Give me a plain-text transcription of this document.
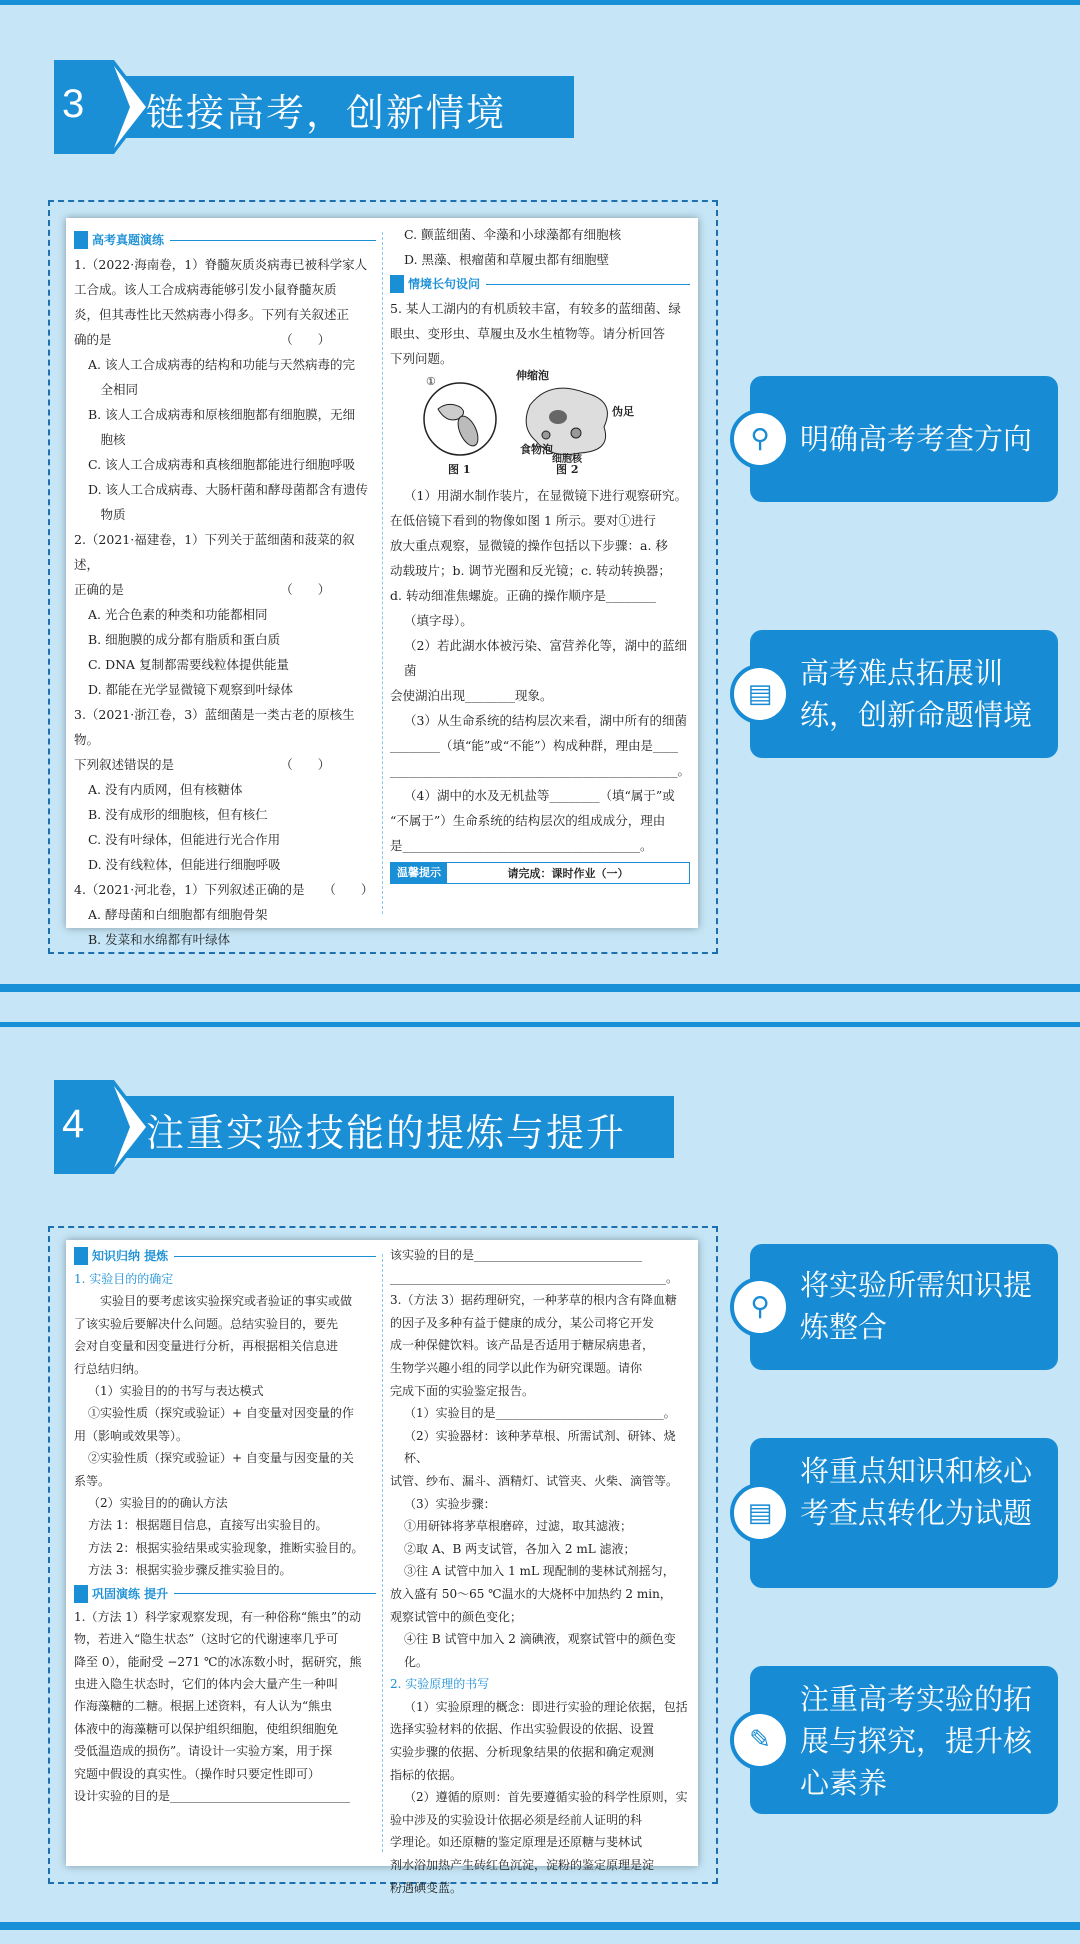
3 链接高考，创新情境
高考真题演练

1.（2022·海南卷，1）脊髓灰质炎病毒已被科学家人

工合成。该人工合成病毒能够引发小鼠脊髓灰质

炎，但其毒性比天然病毒小得多。下列有关叙述正

确的是　　　　　　　　　　　　　　（　　）

A. 该人工合成病毒的结构和功能与天然病毒的完

　全相同

B. 该人工合成病毒和原核细胞都有细胞膜，无细

　胞核

C. 该人工合成病毒和真核细胞都能进行细胞呼吸

D. 该人工合成病毒、大肠杆菌和酵母菌都含有遗传

　物质

2.（2021·福建卷，1）下列关于蓝细菌和菠菜的叙述，

正确的是　　　　　　　　　　　　　（　　）

A. 光合色素的种类和功能都相同

B. 细胞膜的成分都有脂质和蛋白质

C. DNA 复制都需要线粒体提供能量

D. 都能在光学显微镜下观察到叶绿体

3.（2021·浙江卷，3）蓝细菌是一类古老的原核生物。

下列叙述错误的是　　　　　　　　　（　　）

A. 没有内质网，但有核糖体

B. 没有成形的细胞核，但有核仁

C. 没有叶绿体，但能进行光合作用

D. 没有线粒体，但能进行细胞呼吸

4.（2021·河北卷，1）下列叙述正确的是　　（　　）

A. 酵母菌和白细胞都有细胞骨架

B. 发菜和水绵都有叶绿体

C. 颤蓝细菌、伞藻和小球藻都有细胞核

D. 黑藻、根瘤菌和草履虫都有细胞壁

情境长句设问

5. 某人工湖内的有机质较丰富，有较多的蓝细菌、绿

眼虫、变形虫、草履虫及水生植物等。请分析回答

下列问题。

①	伸缩泡
伪足
食物泡
细胞核
图 1	图 2

（1）用湖水制作装片，在显微镜下进行观察研究。

在低倍镜下看到的物像如图 1 所示。要对①进行

放大重点观察，显微镜的操作包括以下步骤：a. 移

动载玻片；b. 调节光圈和反光镜；c. 转动转换器；

d. 转动细准焦螺旋。正确的操作顺序是________

（填字母）。

（2）若此湖水体被污染、富营养化等，湖中的蓝细菌

会使湖泊出现________现象。

（3）从生命系统的结构层次来看，湖中所有的细菌

________（填“能”或“不能”）构成种群，理由是____

______________________________________________。

（4）湖中的水及无机盐等________（填“属于”或

“不属于”）生命系统的结构层次的组成成分，理由

是______________________________________。

温馨提示	请完成：课时作业（一）
⚲	明确高考考查方向
▤
高考难点拓展训练，创新命题情境
4 注重实验技能的提炼与提升
知识归纳 提炼

1. 实验目的的确定

　实验目的要考虑该实验探究或者验证的事实或做

了该实验后要解决什么问题。总结实验目的，要先

会对自变量和因变量进行分析，再根据相关信息进

行总结归纳。

（1）实验目的的书写与表达模式

①实验性质（探究或验证）+ 自变量对因变量的作

用（影响或效果等）。

②实验性质（探究或验证）+ 自变量与因变量的关

系等。

（2）实验目的的确认方法

方法 1：根据题目信息，直接写出实验目的。

方法 2：根据实验结果或实验现象，推断实验目的。

方法 3：根据实验步骤反推实验目的。

巩固演练 提升

1.（方法 1）科学家观察发现，有一种俗称“熊虫”的动

物，若进入“隐生状态”（这时它的代谢速率几乎可

降至 0），能耐受 −271 ℃的冰冻数小时，据研究，熊

虫进入隐生状态时，它们的体内会大量产生一种叫

作海藻糖的二糖。根据上述资料，有人认为“熊虫

体液中的海藻糖可以保护组织细胞，使组织细胞免

受低温造成的损伤”。请设计一实验方案，用于探

究题中假设的真实性。（操作时只要定性即可）

设计实验的目的是______________________________

该实验的目的是____________________________

______________________________________________。

3.（方法 3）据药理研究，一种茅草的根内含有降血糖

的因子及多种有益于健康的成分，某公司将它开发

成一种保健饮料。该产品是否适用于糖尿病患者，

生物学兴趣小组的同学以此作为研究课题。请你

完成下面的实验鉴定报告。

（1）实验目的是____________________________。

（2）实验器材：该种茅草根、所需试剂、研钵、烧杯、

试管、纱布、漏斗、酒精灯、试管夹、火柴、滴管等。

（3）实验步骤：

①用研钵将茅草根磨碎，过滤，取其滤液；

②取 A、B 两支试管，各加入 2 mL 滤液；

③往 A 试管中加入 1 mL 现配制的斐林试剂摇匀，

放入盛有 50～65 ℃温水的大烧杯中加热约 2 min，

观察试管中的颜色变化；

④往 B 试管中加入 2 滴碘液，观察试管中的颜色变化。

2. 实验原理的书写

（1）实验原理的概念：即进行实验的理论依据，包括

选择实验材料的依据、作出实验假设的依据、设置

实验步骤的依据、分析现象结果的依据和确定观测

指标的依据。

（2）遵循的原则：首先要遵循实验的科学性原则，实

验中涉及的实验设计依据必须是经前人证明的科

学理论。如还原糖的鉴定原理是还原糖与斐林试

剂水浴加热产生砖红色沉淀，淀粉的鉴定原理是淀

粉遇碘变蓝。

⚲
将实验所需知识提炼整合
▤
将重点知识和核心考查点转化为试题
✎
注重高考实验的拓展与探究，提升核心素养
